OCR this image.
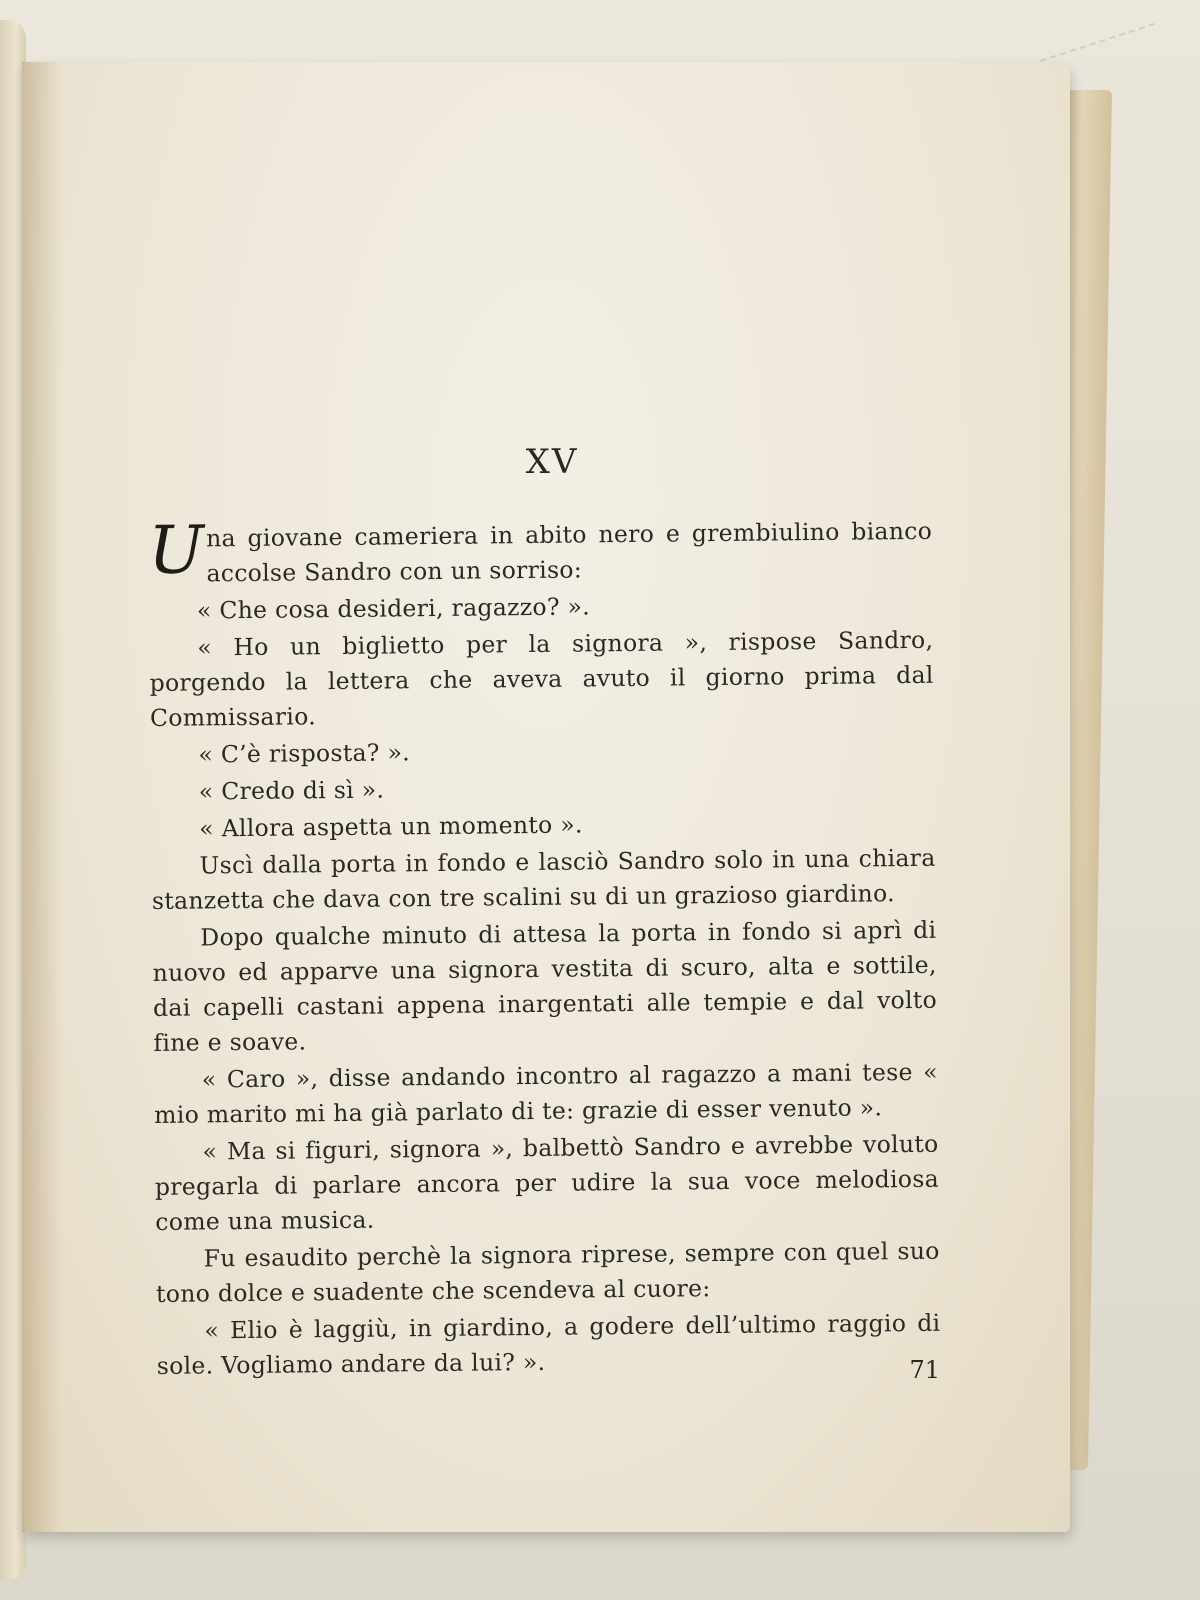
XV

Una giovane cameriera in abito nero e grembiulino bianco accolse Sandro con un sorriso:

« Che cosa desideri, ragazzo? ».

« Ho un biglietto per la signora », rispose Sandro, porgendo la lettera che aveva avuto il giorno prima dal Commissario.

« C’è risposta? ».

« Credo di sì ».

« Allora aspetta un momento ».

Uscì dalla porta in fondo e lasciò Sandro solo in una chiara stanzetta che dava con tre scalini su di un grazioso giardino.

Dopo qualche minuto di attesa la porta in fondo si aprì di nuovo ed apparve una signora vestita di scuro, alta e sottile, dai capelli castani appena inargentati alle tempie e dal volto fine e soave.

« Caro », disse andando incontro al ragazzo a mani tese « mio marito mi ha già parlato di te: grazie di esser venuto ».

« Ma si figuri, signora », balbettò Sandro e avrebbe voluto pregarla di parlare ancora per udire la sua voce melodiosa come una musica.

Fu esaudito perchè la signora riprese, sempre con quel suo tono dolce e suadente che scendeva al cuore:

« Elio è laggiù, in giardino, a godere dell’ultimo raggio di sole. Vogliamo andare da lui? ».	71
